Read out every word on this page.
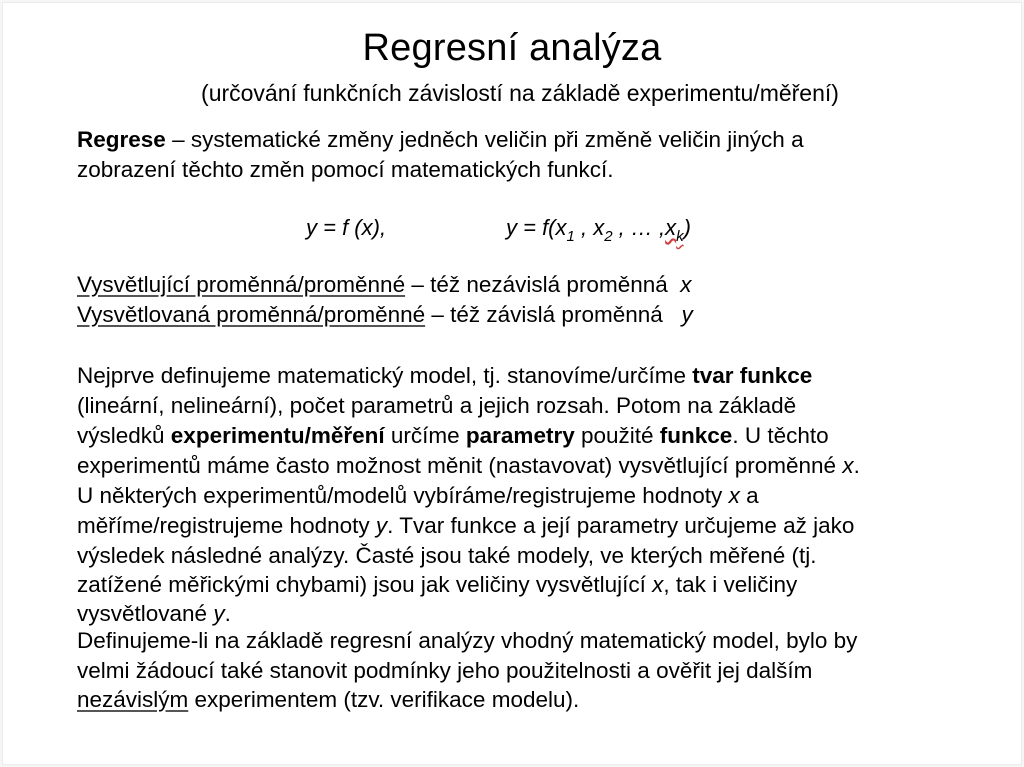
Regresní analýza
(určování funkčních závislostí na základě experimentu/měření)
Regrese – systematické změny jedněch veličin při změně veličin jiných a
zobrazení těchto změn pomocí matematických funkcí.
y = f (x),	$y = f(x_1$ , $x_2$ , … $,x_k$)
Vysvětlující proměnná/proměnné – též nezávislá proměnná  x
Vysvětlovaná proměnná/proměnné – též závislá proměnná   y
Nejprve definujeme matematický model, tj. stanovíme/určíme tvar funkce
(lineární, nelineární), počet parametrů a jejich rozsah. Potom na základě
výsledků experimentu/měření určíme parametry použité funkce. U těchto
experimentů máme často možnost měnit (nastavovat) vysvětlující proměnné x.
U některých experimentů/modelů vybíráme/registrujeme hodnoty x a
měříme/registrujeme hodnoty y. Tvar funkce a její parametry určujeme až jako
výsledek následné analýzy. Časté jsou také modely, ve kterých měřené (tj.
zatížené měřickými chybami) jsou jak veličiny vysvětlující x, tak i veličiny
vysvětlované y.
Definujeme-li na základě regresní analýzy vhodný matematický model, bylo by
velmi žádoucí také stanovit podmínky jeho použitelnosti a ověřit jej dalším
nezávislým experimentem (tzv. verifikace modelu).
